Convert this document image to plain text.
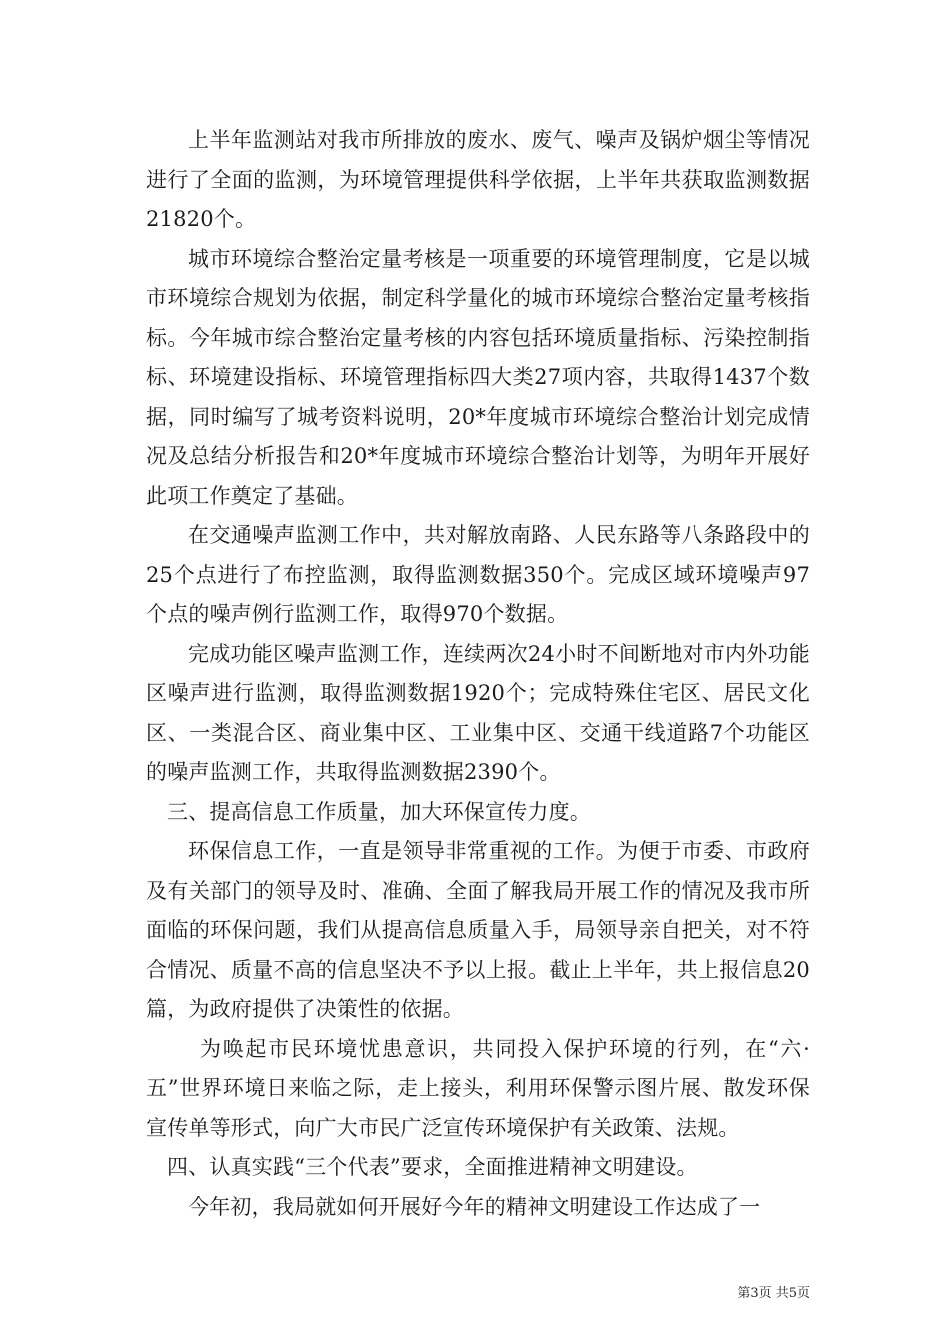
上半年监测站对我市所排放的废水、废气、噪声及锅炉烟尘等情况进行了全面的监测，为环境管理提供科学依据，上半年共获取监测数据21820个。

城市环境综合整治定量考核是一项重要的环境管理制度，它是以城市环境综合规划为依据，制定科学量化的城市环境综合整治定量考核指标。今年城市综合整治定量考核的内容包括环境质量指标、污染控制指标、环境建设指标、环境管理指标四大类27项内容，共取得1437个数据，同时编写了城考资料说明，20*年度城市环境综合整治计划完成情况及总结分析报告和20*年度城市环境综合整治计划等，为明年开展好此项工作奠定了基础。

在交通噪声监测工作中，共对解放南路、人民东路等八条路段中的25个点进行了布控监测，取得监测数据350个。完成区域环境噪声97个点的噪声例行监测工作，取得970个数据。

完成功能区噪声监测工作，连续两次24小时不间断地对市内外功能区噪声进行监测，取得监测数据1920个；完成特殊住宅区、居民文化区、一类混合区、商业集中区、工业集中区、交通干线道路7个功能区的噪声监测工作，共取得监测数据2390个。

三、提高信息工作质量，加大环保宣传力度。

环保信息工作，一直是领导非常重视的工作。为便于市委、市政府及有关部门的领导及时、准确、全面了解我局开展工作的情况及我市所面临的环保问题，我们从提高信息质量入手，局领导亲自把关，对不符合情况、质量不高的信息坚决不予以上报。截止上半年，共上报信息20篇，为政府提供了决策性的依据。

为唤起市民环境忧患意识，共同投入保护环境的行列，在“六·五”世界环境日来临之际，走上接头，利用环保警示图片展、散发环保宣传单等形式，向广大市民广泛宣传环境保护有关政策、法规。

四、认真实践“三个代表”要求，全面推进精神文明建设。

今年初，我局就如何开展好今年的精神文明建设工作达成了一

第3页 共5页
